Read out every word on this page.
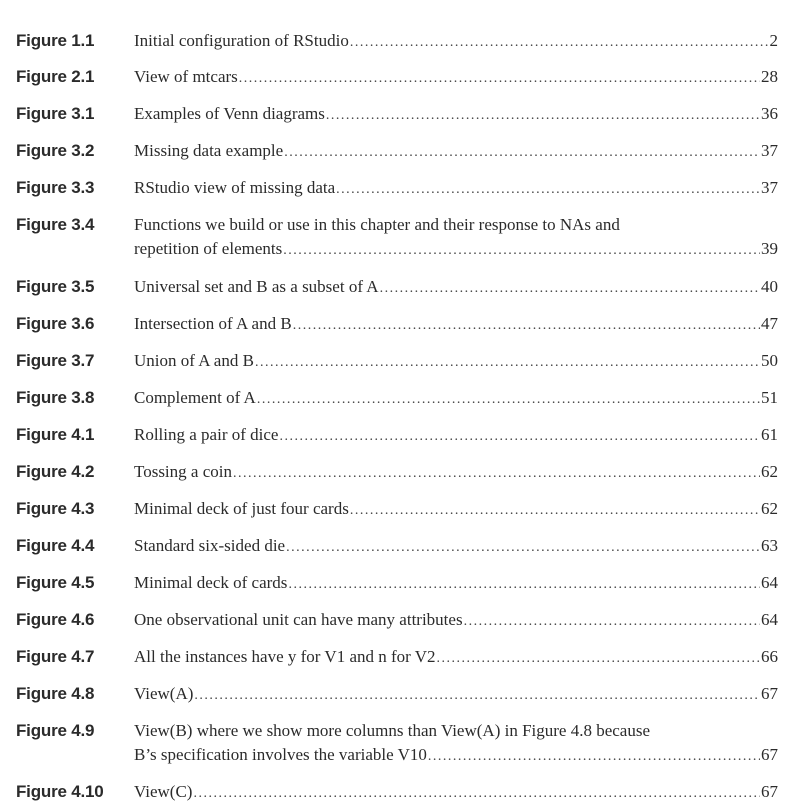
Figure 1.1 Initial configuration of RStudio .....	2
Figure 2.1 View of mtcars .....	28
Figure 3.1 Examples of Venn diagrams .....	36
Figure 3.2 Missing data example .....	37
Figure 3.3 RStudio view of missing data .....	37
Figure 3.4 Functions we build or use in this chapter and their response to NAs and
repetition of elements .....	39
Figure 3.5 Universal set and B as a subset of A .....	40
Figure 3.6 Intersection of A and B .....	47
Figure 3.7 Union of A and B .....	50
Figure 3.8 Complement of A .....	51
Figure 4.1 Rolling a pair of dice .....	61
Figure 4.2 Tossing a coin .....	62
Figure 4.3 Minimal deck of just four cards .....	62
Figure 4.4 Standard six-sided die .....	63
Figure 4.5 Minimal deck of cards .....	64
Figure 4.6 One observational unit can have many attributes .....	64
Figure 4.7 All the instances have y for V1 and n for V2 .....	66
Figure 4.8 View(A) .....	67
Figure 4.9 View(B) where we show more columns than View(A) in Figure 4.8 because
B’s specification involves the variable V10 .....	67
Figure 4.10 View(C) .....	67
